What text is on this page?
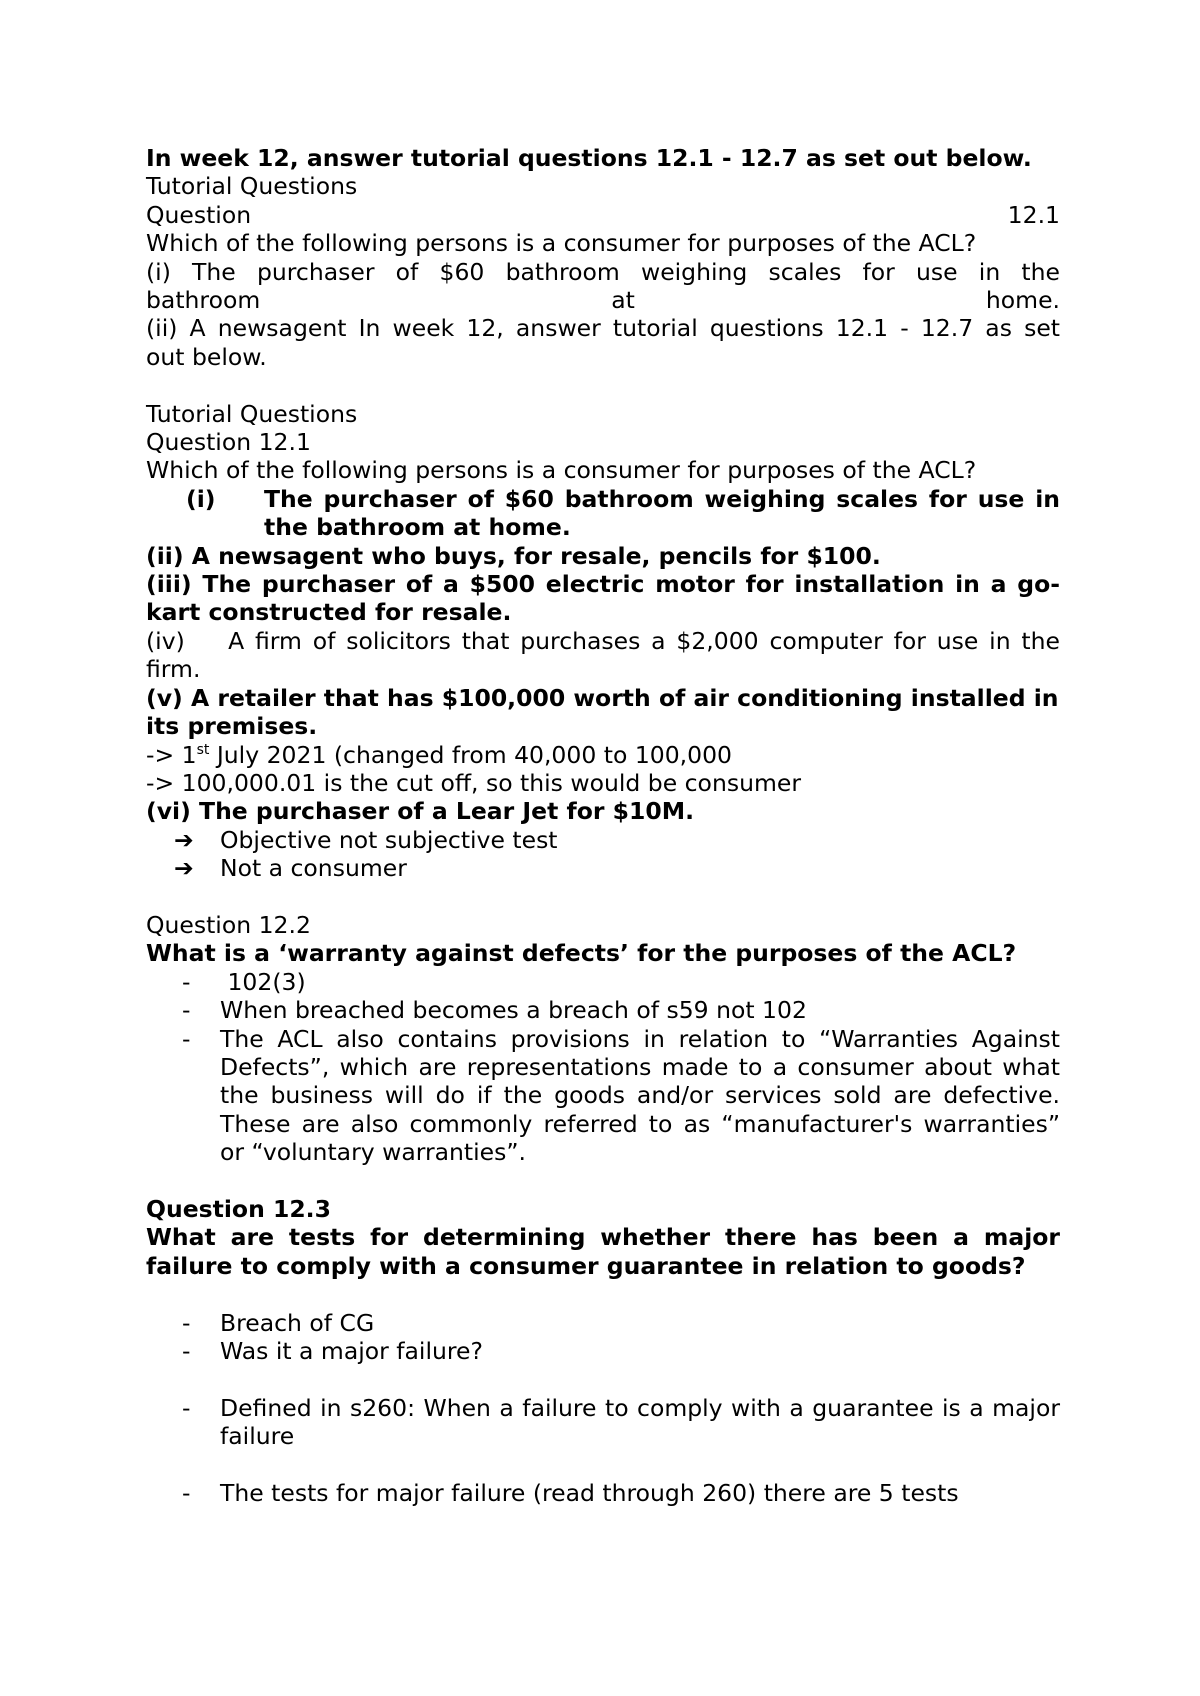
In week 12, answer tutorial questions 12.1 - 12.7 as set out below.

Tutorial Questions

Question	12.1

Which of the following persons is a consumer for purposes of the ACL?

(i) The purchaser of $60 bathroom weighing scales for use in the

bathroom	at	home.

(ii) A newsagent In week 12, answer tutorial questions 12.1 - 12.7 as set

out below.

Tutorial Questions

Question 12.1

Which of the following persons is a consumer for purposes of the ACL?

(i)	The purchaser of $60 bathroom weighing scales for use in the bathroom at home.

(ii) A newsagent who buys, for resale, pencils for $100.

(iii) The purchaser of a $500 electric motor for installation in a go-kart constructed for resale.

(iv) A firm of solicitors that purchases a $2,000 computer for use in the firm.

(v) A retailer that has $100,000 worth of air conditioning installed in its premises.

-> 1st July 2021 (changed from 40,000 to 100,000

-> 100,000.01 is the cut off, so this would be consumer

(vi) The purchaser of a Lear Jet for $10M.

➔	Objective not subjective test
➔	Not a consumer

Question 12.2

What is a ‘warranty against defects’ for the purposes of the ACL?

-	102(3)
-	When breached becomes a breach of s59 not 102
-	The ACL also contains provisions in relation to “Warranties Against Defects”, which are representations made to a consumer about what the business will do if the goods and/or services sold are defective. These are also commonly referred to as “manufacturer's warranties” or “voluntary warranties”.

Question 12.3

What are tests for determining whether there has been a major failure to comply with a consumer guarantee in relation to goods?

-	Breach of CG
-	Was it a major failure?
-	Defined in s260: When a failure to comply with a guarantee is a major failure
-	The tests for major failure (read through 260) there are 5 tests
